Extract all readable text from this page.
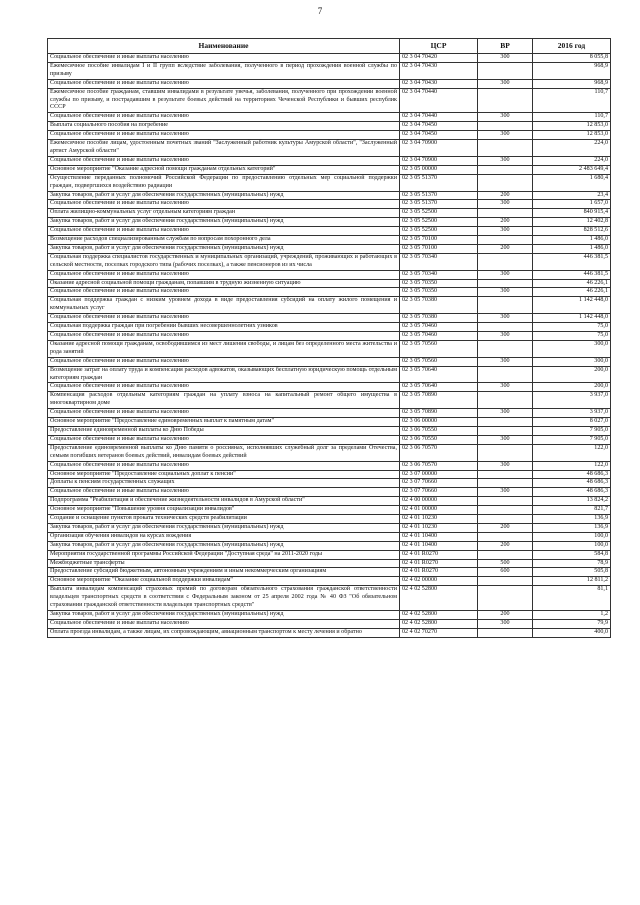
7
Наименование	ЦСР	ВР	2016 год
Социальное обеспечение и иные выплаты населению	02 3 04 70420	300	8 055,8
Ежемесячное пособие инвалидам I и II групп вследствие заболевания, полученного в период прохождения военной службы по призыву	02 3 04 70430		968,9
Социальное обеспечение и иные выплаты населению	02 3 04 70430	300	968,9
Ежемесячное пособие гражданам, ставшим инвалидами в результате увечья, заболевания, полученного при прохождении военной службы по призыву, и пострадавшим в результате боевых действий на территориях Чеченской Республики и бывших республик СССР	02 3 04 70440		110,7
Социальное обеспечение и иные выплаты населению	02 3 04 70440	300	110,7
Выплата социального пособия на погребение	02 3 04 70450		12 853,0
Социальное обеспечение и иные выплаты населению	02 3 04 70450	300	12 853,0
Ежемесячное пособие лицам, удостоенным почетных званий "Заслуженный работник культуры Амурской области", "Заслуженный артист Амурской области"	02 3 04 70900		224,0
Социальное обеспечение и иные выплаты населению	02 3 04 70900	300	224,0
Основное мероприятие "Оказание адресной помощи гражданам отдельных категорий"	02 3 05 00000		2 483 649,4
Осуществление переданных полномочий Российской Федерации по предоставлению отдельных мер социальной поддержки граждан, подвергшихся воздействию радиации	02 3 05 51370		1 680,4
Закупка товаров, работ и услуг для обеспечения государственных (муниципальных) нужд	02 3 05 51370	200	23,4
Социальное обеспечение и иные выплаты населению	02 3 05 51370	300	1 657,0
Оплата жилищно-коммунальных услуг отдельным категориям граждан	02 3 05 52500		840 915,4
Закупка товаров, работ и услуг для обеспечения государственных (муниципальных) нужд	02 3 05 52500	200	12 402,8
Социальное обеспечение и иные выплаты населению	02 3 05 52500	300	828 512,6
Возмещение расходов специализированным службам по вопросам похоронного дела	02 3 05 70100		1 486,0
Закупка товаров, работ и услуг для обеспечения государственных (муниципальных) нужд	02 3 05 70100	200	1 486,0
Социальная поддержка специалистов государственных и муниципальных организаций, учреждений, проживающих и работающих в сельской местности, поселках городского типа (рабочих поселках), а также пенсионеров из их числа	02 3 05 70340		446 381,5
Социальное обеспечение и иные выплаты населению	02 3 05 70340	300	446 381,5
Оказание адресной социальной помощи гражданам, попавшим в трудную жизненную ситуацию	02 3 05 70350		46 226,1
Социальное обеспечение и иные выплаты населению	02 3 05 70350	300	46 226,1
Социальная поддержка граждан с низким уровнем дохода в виде предоставления субсидий на оплату жилого помещения и коммунальных услуг	02 3 05 70380		1 142 448,0
Социальное обеспечение и иные выплаты населению	02 3 05 70380	300	1 142 448,0
Социальная поддержка граждан при погребении бывших несовершеннолетних узников	02 3 05 70460		75,0
Социальное обеспечение и иные выплаты населению	02 3 05 70460	300	75,0
Оказание адресной помощи гражданам, освободившимся из мест лишения свободы, и лицам без определенного места жительства и рода занятий	02 3 05 70560		300,0
Социальное обеспечение и иные выплаты населению	02 3 05 70560	300	300,0
Возмещение затрат на оплату труда и компенсация расходов адвокатов, оказывающих бесплатную юридическую помощь отдельным категориям граждан	02 3 05 70640		200,0
Социальное обеспечение и иные выплаты населению	02 3 05 70640	300	200,0
Компенсация расходов отдельным категориям граждан на уплату взноса на капитальный ремонт общего имущества в многоквартирном доме	02 3 05 70890		3 937,0
Социальное обеспечение и иные выплаты населению	02 3 05 70890	300	3 937,0
Основное мероприятие "Предоставление единовременных выплат к памятным датам"	02 3 06 00000		8 027,0
Предоставление единовременной выплаты ко Дню Победы	02 3 06 70550		7 905,0
Социальное обеспечение и иные выплаты населению	02 3 06 70550	300	7 905,0
Предоставление единовременной выплаты ко Дню памяти о россиянах, исполнявших служебный долг за пределами Отечества, семьям погибших ветеранов боевых действий, инвалидам боевых действий	02 3 06 70570		122,0
Социальное обеспечение и иные выплаты населению	02 3 06 70570	300	122,0
Основное мероприятие "Предоставление социальных доплат к пенсии"	02 3 07 00000		48 686,3
Доплаты к пенсиям государственных служащих	02 3 07 70660		48 686,3
Социальное обеспечение и иные выплаты населению	02 3 07 70660	300	48 686,3
Подпрограмма "Реабилитация и обеспечение жизнедеятельности инвалидов в Амурской области"	02 4 00 00000		13 824,2
Основное мероприятие "Повышение уровня социализации инвалидов"	02 4 01 00000		821,7
Создание и оснащение пунктов проката технических средств реабилитации	02 4 01 10230		136,9
Закупка товаров, работ и услуг для обеспечения государственных (муниципальных) нужд	02 4 01 10230	200	136,9
Организация обучения инвалидов на курсах вождения	02 4 01 10400		100,0
Закупка товаров, работ и услуг для обеспечения государственных (муниципальных) нужд	02 4 01 10400	200	100,0
Мероприятия государственной программы Российской Федерации "Доступная среда" на 2011-2020 годы	02 4 01 R0270		584,8
Межбюджетные трансферты	02 4 01 R0270	500	78,9
Предоставление субсидий бюджетным, автономным учреждениям и иным некоммерческим организациям	02 4 01 R0270	600	505,8
Основное мероприятие "Оказание социальной поддержки инвалидам"	02 4 02 00000		12 811,2
Выплата инвалидам компенсаций страховых премий по договорам обязательного страхования гражданской ответственности владельцев транспортных средств в соответствии с Федеральным законом от 25 апреля 2002 года № 40 ФЗ "Об обязательном страховании гражданской ответственности владельцев транспортных средств"	02 4 02 52800		81,1
Закупка товаров, работ и услуг для обеспечения государственных (муниципальных) нужд	02 4 02 52800	200	1,2
Социальное обеспечение и иные выплаты населению	02 4 02 52800	300	79,9
Оплата проезда инвалидам, а также лицам, их сопровождающим, авиационным транспортом к месту лечения и обратно	02 4 02 70270		400,0
